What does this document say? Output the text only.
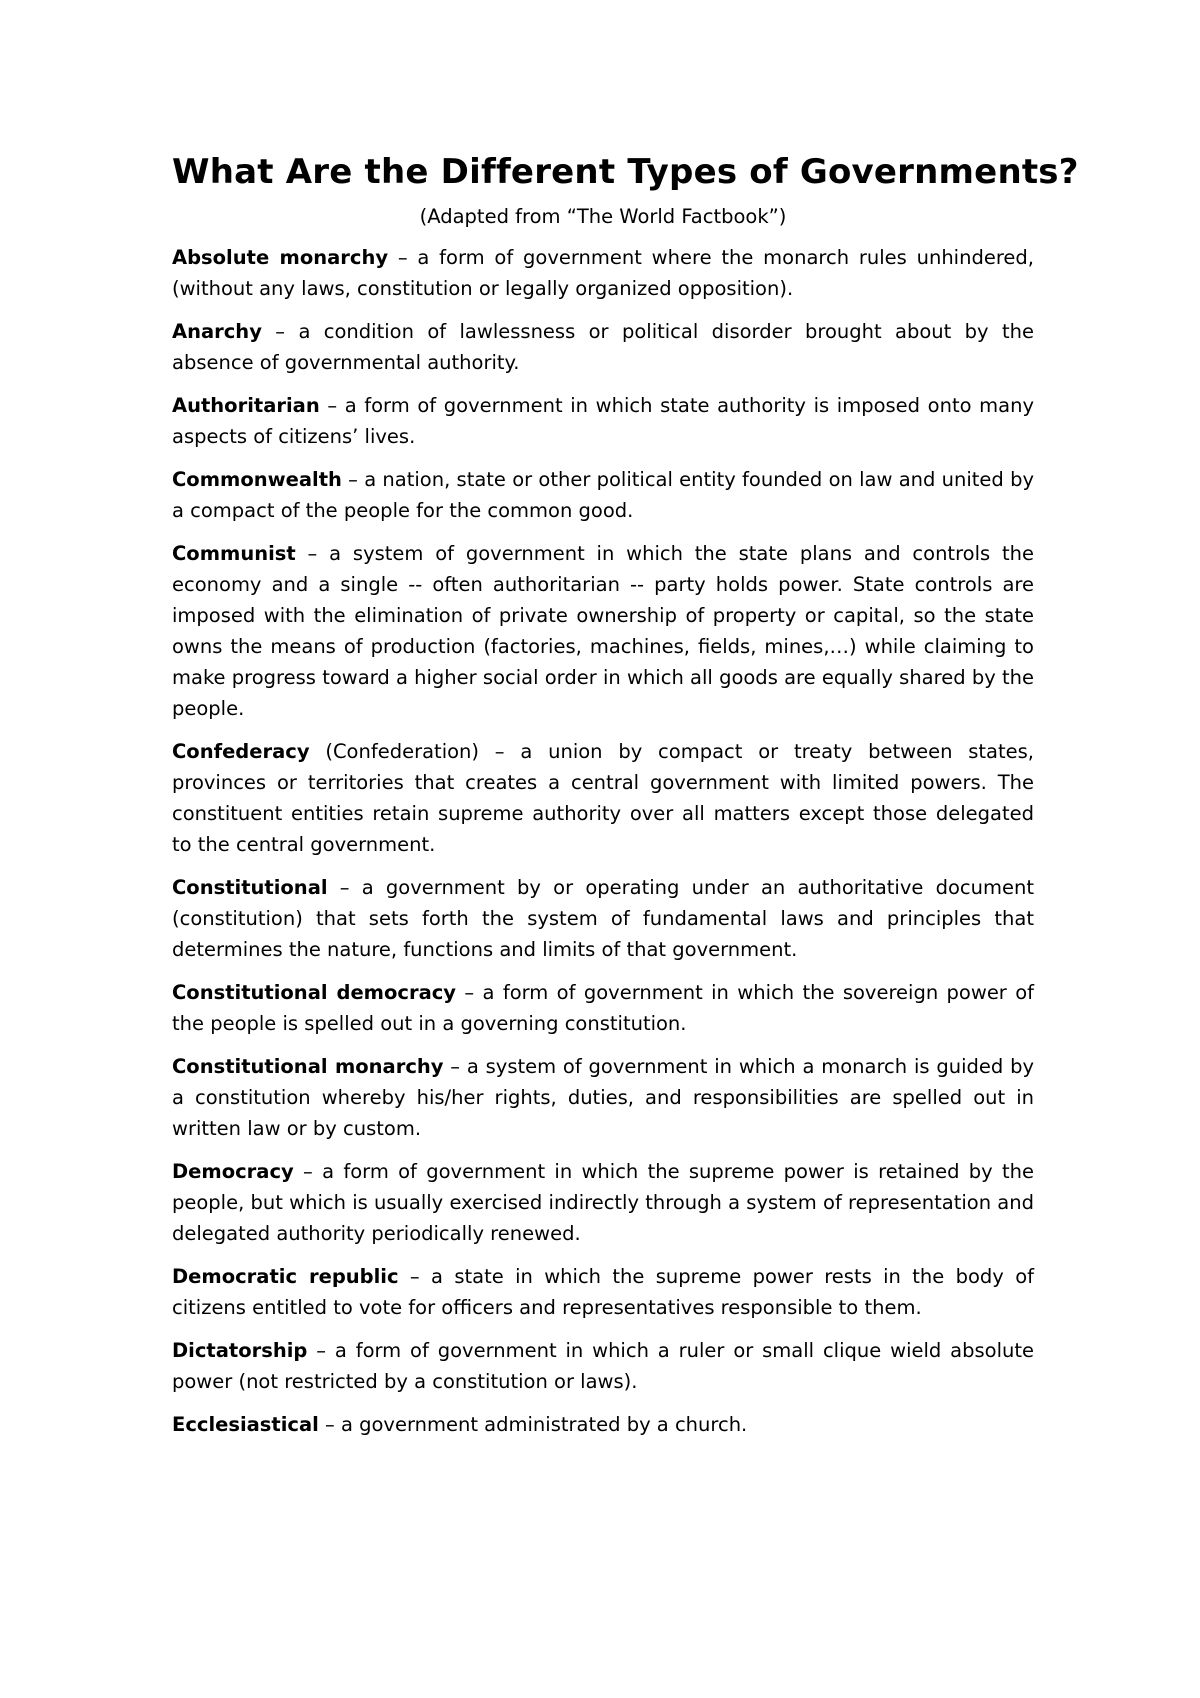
What Are the Different Types of Governments?

(Adapted from “The World Factbook”)

Absolute monarchy – a form of government where the monarch rules unhindered, (without any laws, constitution or legally organized opposition).

Anarchy – a condition of lawlessness or political disorder brought about by the absence of governmental authority.

Authoritarian – a form of government in which state authority is imposed onto many aspects of citizens’ lives.

Commonwealth – a nation, state or other political entity founded on law and united by a compact of the people for the common good.

Communist – a system of government in which the state plans and controls the economy and a single -- often authoritarian -- party holds power. State controls are imposed with the elimination of private ownership of property or capital, so the state owns the means of production (factories, machines, fields, mines,…) while claiming to make progress toward a higher social order in which all goods are equally shared by the people.

Confederacy (Confederation) – a union by compact or treaty between states, provinces or territories that creates a central government with limited powers. The constituent entities retain supreme authority over all matters except those delegated to the central government.

Constitutional – a government by or operating under an authoritative document (constitution) that sets forth the system of fundamental laws and principles that determines the nature, functions and limits of that government.

Constitutional democracy – a form of government in which the sovereign power of the people is spelled out in a governing constitution.

Constitutional monarchy – a system of government in which a monarch is guided by a constitution whereby his/her rights, duties, and responsibilities are spelled out in written law or by custom.

Democracy – a form of government in which the supreme power is retained by the people, but which is usually exercised indirectly through a system of representation and delegated authority periodically renewed.

Democratic republic – a state in which the supreme power rests in the body of citizens entitled to vote for officers and representatives responsible to them.

Dictatorship – a form of government in which a ruler or small clique wield absolute power (not restricted by a constitution or laws).

Ecclesiastical – a government administrated by a church.
